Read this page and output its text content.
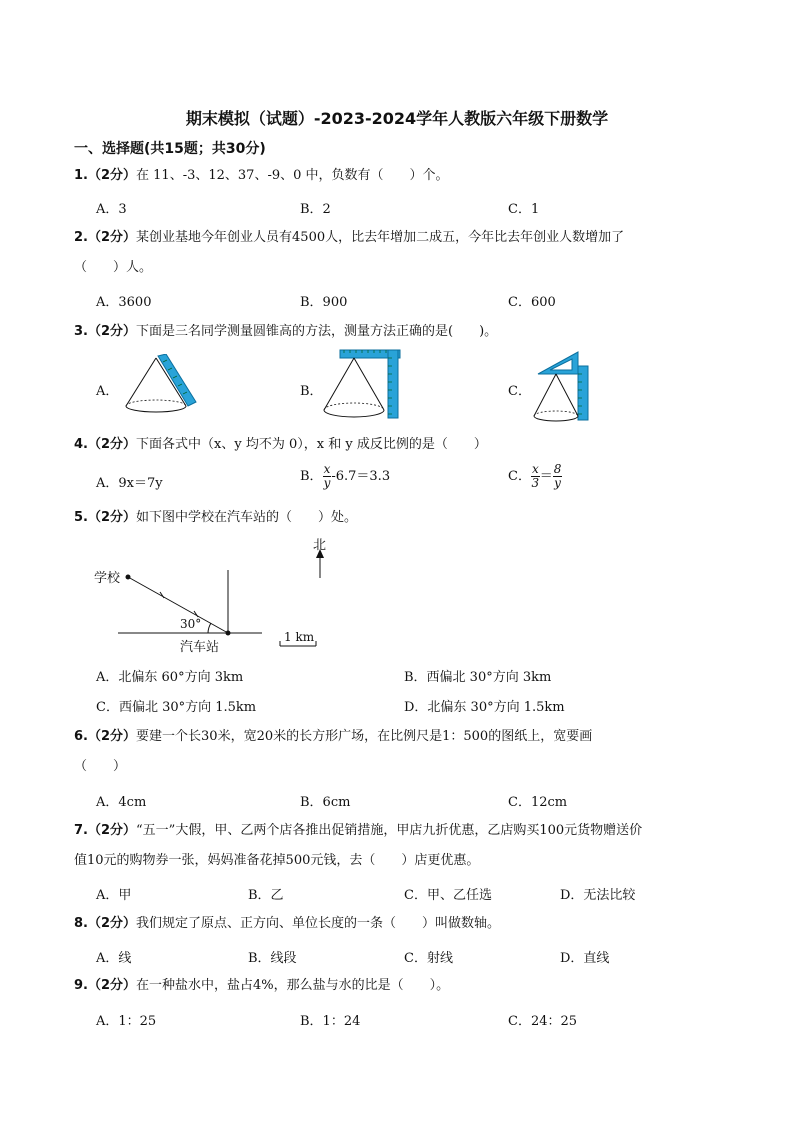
期末模拟（试题）-2023-2024学年人教版六年级下册数学
一、选择题(共15题；共30分)
1.（2分）在 11、-3、12、37、-9、0 中，负数有（　　）个。
A．3	B．2	C．1
2.（2分）某创业基地今年创业人员有4500人，比去年增加二成五，今年比去年创业人数增加了
（　　）人。
A．3600	B．900	C．600
3.（2分）下面是三名同学测量圆锥高的方法，测量方法正确的是(　　)。
A．	B．	C．
4.（2分）下面各式中（x、y 均不为 0），x 和 y 成反比例的是（　　）
A．9x＝7y	B． $\frac{x}{y} -6.7=3.3$	C． $\frac{x}{3} = \frac{8}{y}$
5.（2分）如下图中学校在汽车站的（　　）处。
北
学校
30°
汽车站
1 km
A．北偏东 60°方向 3km	B．西偏北 30°方向 3km
C．西偏北 30°方向 1.5km	D．北偏东 30°方向 1.5km
6.（2分）要建一个长30米，宽20米的长方形广场，在比例尺是1：500的图纸上，宽要画
（　　）
A．4cm	B．6cm	C．12cm
7.（2分）“五一”大假，甲、乙两个店各推出促销措施，甲店九折优惠，乙店购买100元货物赠送价
值10元的购物券一张，妈妈准备花掉500元钱，去（　　）店更优惠。
A．甲	B．乙	C．甲、乙任选	D．无法比较
8.（2分）我们规定了原点、正方向、单位长度的一条（　　）叫做数轴。
A．线	B．线段	C．射线	D．直线
9.（2分）在一种盐水中，盐占4%，那么盐与水的比是（　　）。
A．1：25	B．1：24	C．24：25
